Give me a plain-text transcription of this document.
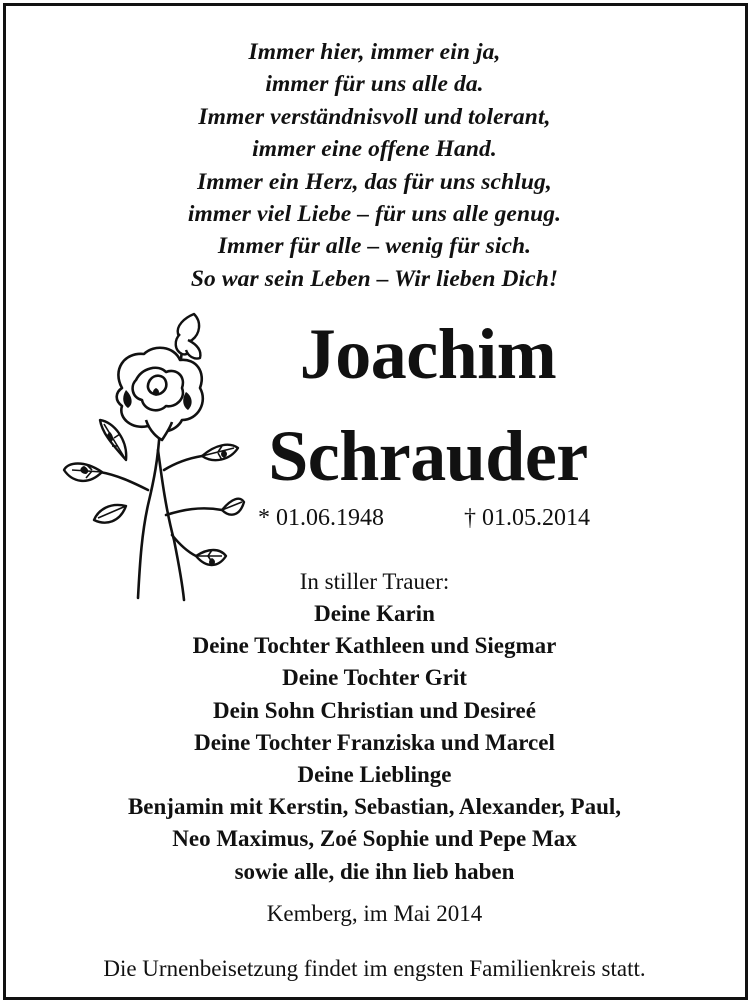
Immer hier, immer ein ja,
immer für uns alle da.
Immer verständnisvoll und tolerant,
immer eine offene Hand.
Immer ein Herz, das für uns schlug,
immer viel Liebe – für uns alle genug.
Immer für alle – wenig für sich.
So war sein Leben – Wir lieben Dich!
Joachim
Schrauder
* 01.06.1948	† 01.05.2014
In stiller Trauer:
Deine Karin
Deine Tochter Kathleen und Siegmar
Deine Tochter Grit
Dein Sohn Christian und Desireé
Deine Tochter Franziska und Marcel
Deine Lieblinge
Benjamin mit Kerstin, Sebastian, Alexander, Paul,
Neo Maximus, Zoé Sophie und Pepe Max
sowie alle, die ihn lieb haben
Kemberg, im Mai 2014
Die Urnenbeisetzung findet im engsten Familienkreis statt.
